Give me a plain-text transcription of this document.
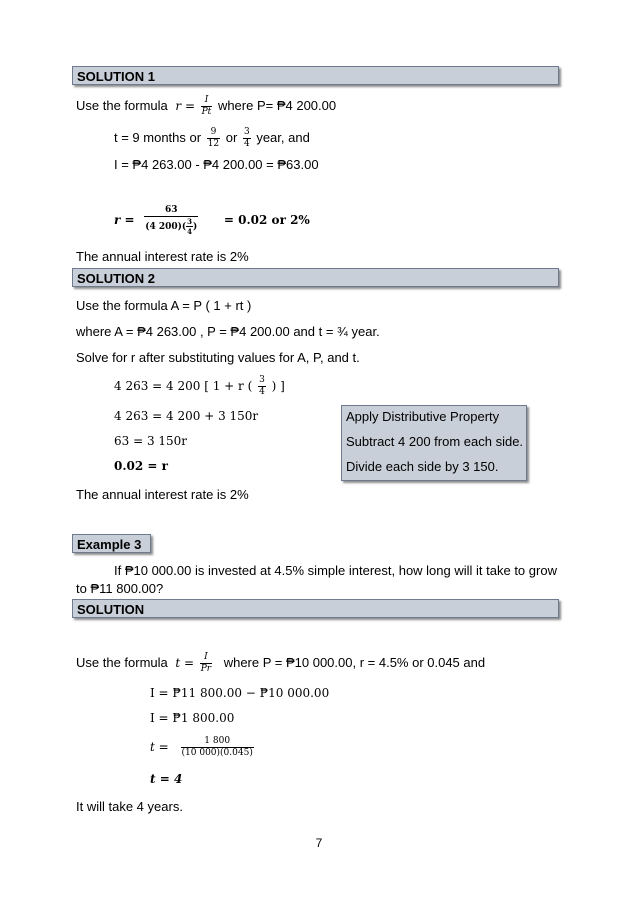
SOLUTION 1
Use the formula $r = \frac{I}{Pt}$ where P= ₱4 200.00
t = 9 months or $\frac{9}{12}$ or $\frac{3}{4}$ year, and
I = ₱4 263.00 - ₱4 200.00 = ₱63.00
$r = \frac{63}{(4 200)( \frac{3}{4} )} = 0.02$ or 2%
The annual interest rate is 2%
SOLUTION 2
Use the formula A = P ( 1 + rt )
where A = ₱4 263.00 , P = ₱4 200.00 and t = ¾ year.
Solve for r after substituting values for A, P, and t.
4 263 = 4 200 [ 1 + r ( $\frac{3}{4}$ ) ]
4 263 = 4 200 + 3 150r
63 = 3 150r
0.02 = r
Apply Distributive Property
Subtract 4 200 from each side.
Divide each side by 3 150.
The annual interest rate is 2%
Example 3
If ₱10 000.00 is invested at 4.5% simple interest, how long will it take to grow
to ₱11 800.00?
SOLUTION
Use the formula $t = \frac{I}{Pr}$ where P = ₱10 000.00, r = 4.5% or 0.045 and
I = ₱11 800.00 − ₱10 000.00
I = ₱1 800.00
$t = \frac{1 800}{(10 000)(0.045)}$
t = 4
It will take 4 years.
7
